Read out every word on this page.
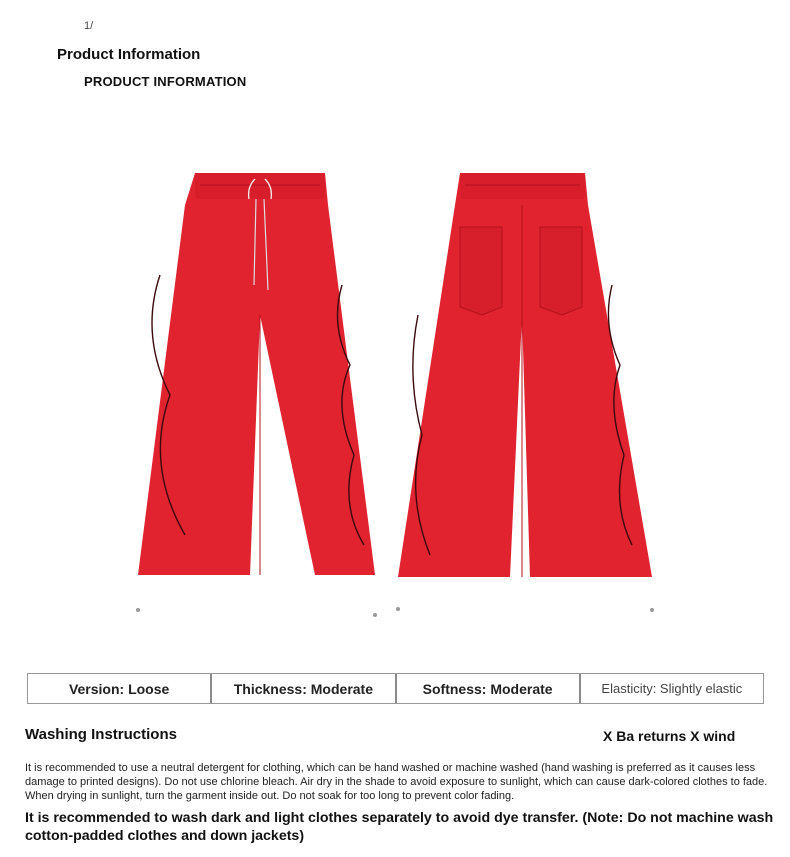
1/
Product Information
PRODUCT INFORMATION
Version: Loose	Thickness: Moderate	Softness: Moderate	Elasticity: Slightly elastic
Washing Instructions	X Ba returns X wind
It is recommended to use a neutral detergent for clothing, which can be hand washed or machine washed (hand washing is preferred as it causes less damage to printed designs). Do not use chlorine bleach. Air dry in the shade to avoid exposure to sunlight, which can cause dark-colored clothes to fade. When drying in sunlight, turn the garment inside out. Do not soak for too long to prevent color fading.
It is recommended to wash dark and light clothes separately to avoid dye transfer. (Note: Do not machine wash cotton-padded clothes and down jackets)
